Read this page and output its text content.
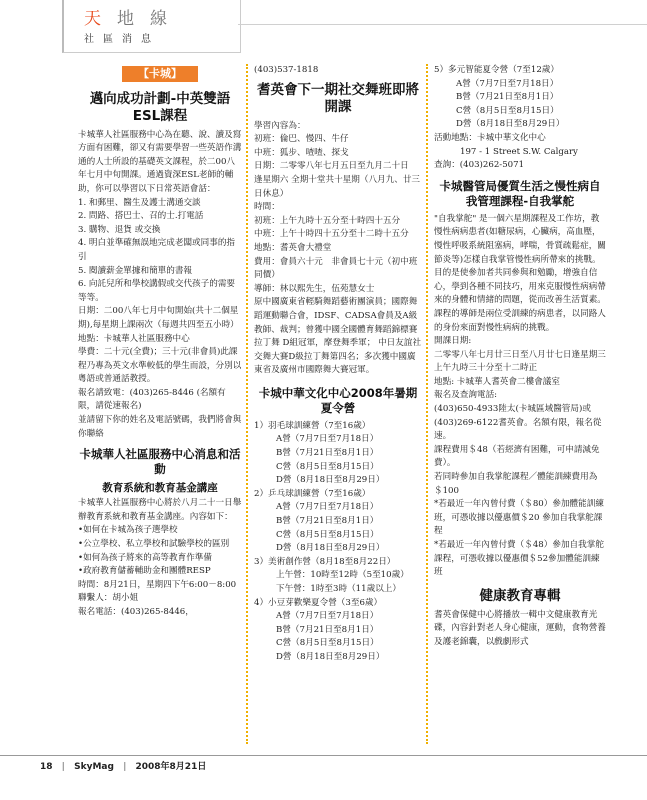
天地線
社區消息
【卡城】
邁向成功計劃-中英雙語ESL課程

卡城華人社區服務中心為在聽、說、讀及寫方面有困難，卻又有需要學習一些英語作溝通的人士所設的基礎英文課程，於二00八年七月中旬開課。通過資深ESL老師的輔助，你可以學習以下日常英語會話：

1. 和郵里、醫生及護士溝通交談

2. 問路、搭巴士、召的士.打電話

3. 購物、退貨 或交換

4. 明白並準確無誤地完成老闆或同事的指引

5. 閱讀薪金單據和簡單的書報

6. 向託兒所和學校講假或交代孩子的需要等等。

日期：二00八年七月中旬開始(共十二個星期),每星期上課兩次（每週共四至五小時）

地點：卡城華人社區服務中心

學費：二十元(全費)；三十元(非會員)此課程乃專為英文水準較低的學生而設，分別以粵語或普通話教授。

報名請致電：(403)265-8446 (名額有限，請從速報名)

並請留下你的姓名及電話號碼，我們將會與你聯絡

卡城華人社區服務中心消息和活動
教育系統和教育基金講座

卡城華人社區服務中心將於八月二十一日舉辦教育系統和教育基金講座。內容如下：

•如何在卡城為孩子選學校

•公立學校、私立學校和試驗學校的區別

•如何為孩子將來的高等教育作準備

•政府教育儲蓄輔助金和團體RESP

時間：8月21日，星期四下午6:00－8:00

聯繫人：胡小姐

報名電話：(403)265-8446，

(403)537-1818

耆英會下一期社交舞班即將開課

學習內容為：

初班：倫巴、慢四、牛仔

中班：狐步、喳喳、探戈

日期：二零零八年七月五日至九月二十日　逢星期六 全期十堂共十星期（八月九、廿三日休息）

時間：

初班：上午九時十五分至十時四十五分

中班：上午十時四十五分至十二時十五分

地點：耆英會大禮堂

費用：會員六十元　非會員七十元（初中班同價）

導師：林以熙先生，伍苑慧女士

原中國廣東省輕騎舞蹈藝術團演員；國際舞蹈運動聯合會，IDSF、CADSA會員及A級教師、裁判；曾獲中國全國體育舞蹈錦標賽拉丁舞 D組冠軍，摩登舞季軍； 中日友誼社交舞大賽D級拉丁舞第四名；多次獲中國廣東省及廣州市國際舞大賽冠軍。

卡城中華文化中心2008年暑期夏令營

1）羽毛球訓練營（7至16歲）

A營（7月7日至7月18日）

B營（7月21日至8月1日）

C營（8月5日至8月15日）

D營（8月18日至8月29日）

2）乒乓球訓練營（7至16歲）

A營（7月7日至7月18日）

B營（7月21日至8月1日）

C營（8月5日至8月15日）

D營（8月18日至8月29日）

3）美術創作營（8月18至8月22日）

上午營：10時至12時（5至10歲）

下午營：1時至3時（11歲以上）

4）小豆芽歡樂夏令營（3至6歲）

A營（7月7日至7月18日）

B營（7月21日至8月1日）

C營（8月5日至8月15日）

D營（8月18日至8月29日）

5）多元智能夏令營（7至12歲）

A營（7月7日至7月18日）

B營（7月21日至8月1日）

C營（8月5日至8月15日）

D營（8月18日至8月29日）

活動地點：卡城中華文化中心

197 - 1 Street S.W. Calgary

查詢：(403)262-5071

卡城醫管局優質生活之慢性病自我管理課程-自我掌舵

"自我掌舵" 是一個六星期課程及工作坊，教慢性病病患者(如糖尿病，心臟病，高血壓，慢性呼吸系統阻塞病，哮喘，骨質疏鬆症，關節炎等)怎樣自我掌管慢性病所帶來的挑戰。目的是使參加者共同參與和勉勵，增強自信心，學到各種不同技巧，用來克服慢性病病帶來的身體和情緒的問題，從而改善生活質素。課程的導師是兩位受訓練的病患者，以同路人的身份來面對慢性病病的挑戰。

開課日期:

二零零八年七月廿三日至八月廿七日逢星期三 上午九時三十分至十二時正

地點: 卡城華人耆英會二樓會議室

報名及查詢電話:

(403)650-4933陸太(卡城區域醫管局)或(403)269-6122耆英會。名額有限，報名從速。

課程費用＄48（若經濟有困難，可申請減免費）。

若同時參加自我掌舵課程／體能訓練費用為＄100

*若最近一年內曾付費（＄80）參加體能訓練班，可憑收據以優惠價＄20 參加自我掌舵課程

*若最近一年內曾付費（＄48）參加自我掌舵課程，可憑收據以優惠價＄52參加體能訓練班

健康教育專輯

耆英會保健中心將播放一輯中文健康教育光碟，內容針對老人身心健康，運動，食物營養及護老錦囊，以戲劇形式

18 | SkyMag | 2008年8月21日
